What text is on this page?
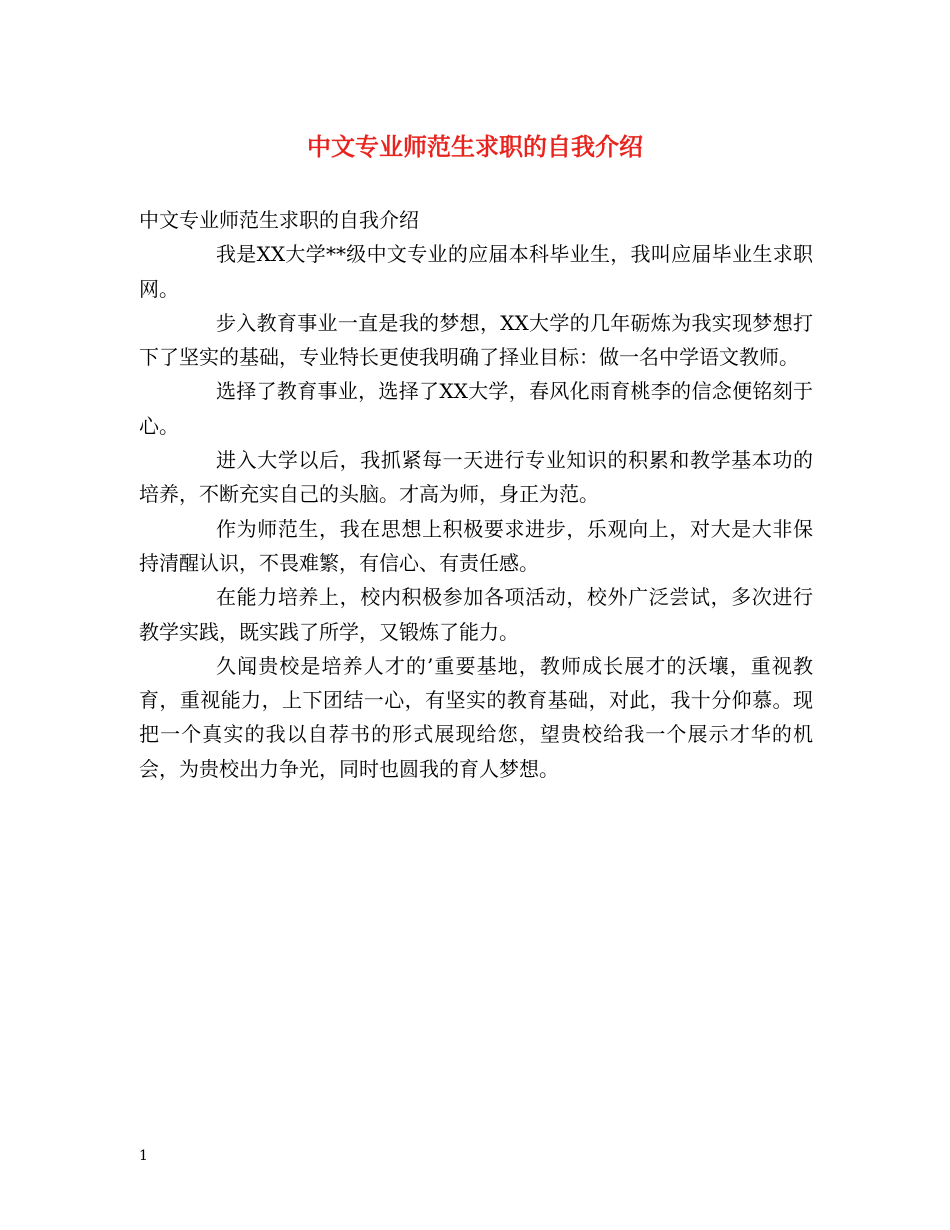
中文专业师范生求职的自我介绍

中文专业师范生求职的自我介绍

我是XX大学**级中文专业的应届本科毕业生，我叫应届毕业生求职网。

步入教育事业一直是我的梦想，XX大学的几年砺炼为我实现梦想打下了坚实的基础，专业特长更使我明确了择业目标：做一名中学语文教师。

选择了教育事业，选择了XX大学，春风化雨育桃李的信念便铭刻于心。

进入大学以后，我抓紧每一天进行专业知识的积累和教学基本功的培养，不断充实自己的头脑。才高为师，身正为范。

作为师范生，我在思想上积极要求进步，乐观向上，对大是大非保持清醒认识，不畏难繁，有信心、有责任感。

在能力培养上，校内积极参加各项活动，校外广泛尝试，多次进行教学实践，既实践了所学，又锻炼了能力。

久闻贵校是培养人才的’重要基地，教师成长展才的沃壤，重视教育，重视能力，上下团结一心，有坚实的教育基础，对此，我十分仰慕。现把一个真实的我以自荐书的形式展现给您，望贵校给我一个展示才华的机会，为贵校出力争光，同时也圆我的育人梦想。

1
